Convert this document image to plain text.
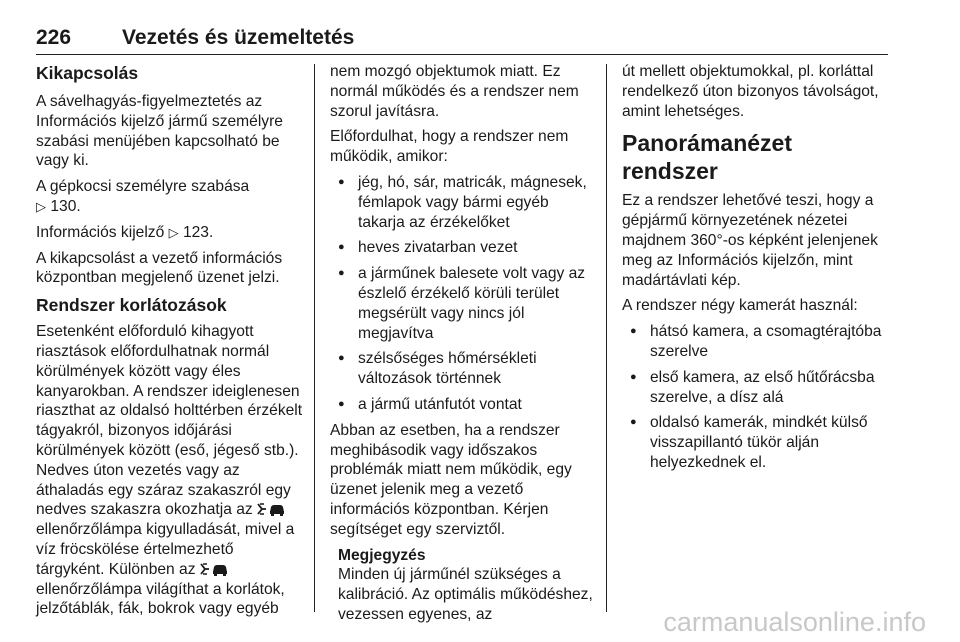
226 Vezetés és üzemeltetés
Kikapcsolás

A sávelhagyás-figyelmeztetés az Információs kijelző jármű személyre szabási menüjében kapcsolható be vagy ki.

A gépkocsi személyre szabása
▷ 130.

Információs kijelző ▷ 123.

A kikapcsolást a vezető információs központban megjelenő üzenet jelzi.

Rendszer korlátozások

Esetenként előforduló kihagyott riasztások előfordulhatnak normál körülmények között vagy éles kanyarokban. A rendszer ideiglenesen riaszthat az oldalsó holttérben érzékelt tágyakról, bizonyos időjárási körülmények között (eső, jégeső stb.). Nedves úton vezetés vagy az áthaladás egy száraz szakaszról egy nedves szakaszra okozhatja az  ellenőrzőlámpa kigyulladását, mivel a víz fröcskölése értelmezhető tárgyként. Különben az  ellenőrzőlámpa világíthat a korlátok, jelzőtáblák, fák, bokrok vagy egyéb

nem mozgó objektumok miatt. Ez normál működés és a rendszer nem szorul javításra.

Előfordulhat, hogy a rendszer nem működik, amikor:

● jég, hó, sár, matricák, mágnesek, fémlapok vagy bármi egyéb takarja az érzékelőket
● heves zivatarban vezet
● a járműnek balesete volt vagy az észlelő érzékelő körüli terület megsérült vagy nincs jól megjavítva
● szélsőséges hőmérsékleti változások történnek
● a jármű utánfutót vontat

Abban az esetben, ha a rendszer meghibásodik vagy időszakos problémák miatt nem működik, egy üzenet jelenik meg a vezető információs központban. Kérjen segítséget egy szerviztől.

Megjegyzés
Minden új járműnél szükséges a kalibráció. Az optimális működéshez, vezessen egyenes, az

út mellett objektumokkal, pl. korláttal rendelkező úton bizonyos távolságot, amint lehetséges.

Panorámanézet rendszer

Ez a rendszer lehetővé teszi, hogy a gépjármű környezetének nézetei majdnem 360°-os képként jelenjenek meg az Információs kijelzőn, mint madártávlati kép.

A rendszer négy kamerát használ:

● hátsó kamera, a csomagtérajtóba szerelve
● első kamera, az első hűtőrácsba szerelve, a dísz alá
● oldalsó kamerák, mindkét külső visszapillantó tükör alján helyezkednek el.
carmanualsonline.info
